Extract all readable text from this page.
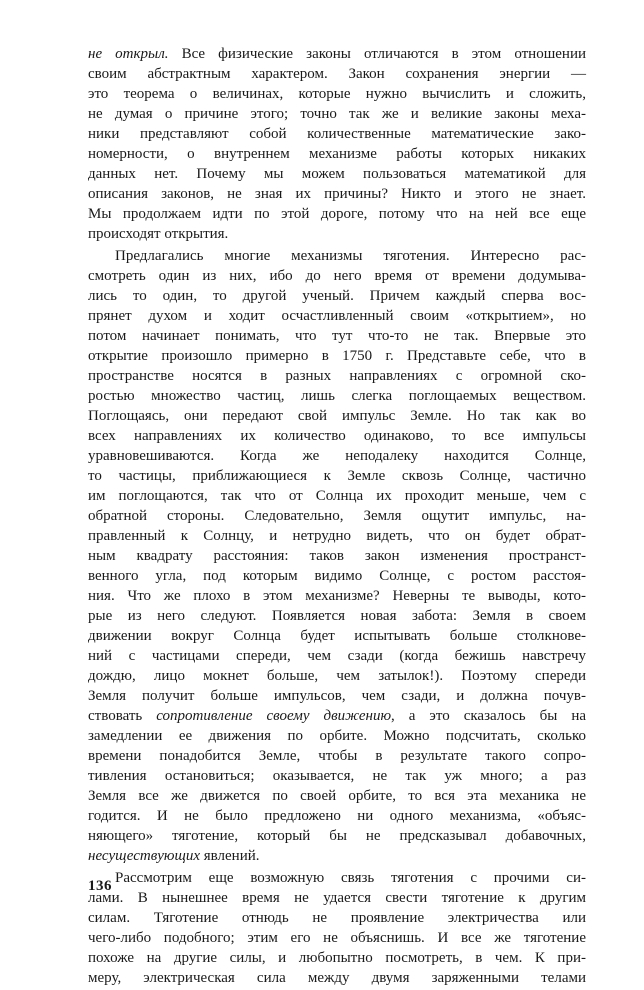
не открыл. Все физические законы отличаются в этом отношении
своим абстрактным характером. Закон сохранения энергии —
это теорема о величинах, которые нужно вычислить и сложить,
не думая о причине этого; точно так же и великие законы меха-
ники представляют собой количественные математические зако-
номерности, о внутреннем механизме работы которых никаких
данных нет. Почему мы можем пользоваться математикой для
описания законов, не зная их причины? Никто и этого не знает.
Мы продолжаем идти по этой дороге, потому что на ней все еще
происходят открытия.
Предлагались многие механизмы тяготения. Интересно рас-
смотреть один из них, ибо до него время от времени додумыва-
лись то один, то другой ученый. Причем каждый сперва вос-
прянет духом и ходит осчастливленный своим «открытием», но
потом начинает понимать, что тут что-то не так. Впервые это
открытие произошло примерно в 1750 г. Представьте себе, что в
пространстве носятся в разных направлениях с огромной ско-
ростью множество частиц, лишь слегка поглощаемых веществом.
Поглощаясь, они передают свой импульс Земле. Но так как во
всех направлениях их количество одинаково, то все импульсы
уравновешиваются. Когда же неподалеку находится Солнце,
то частицы, приближающиеся к Земле сквозь Солнце, частично
им поглощаются, так что от Солнца их проходит меньше, чем с
обратной стороны. Следовательно, Земля ощутит импульс, на-
правленный к Солнцу, и нетрудно видеть, что он будет обрат-
ным квадрату расстояния: таков закон изменения пространст-
венного угла, под которым видимо Солнце, с ростом расстоя-
ния. Что же плохо в этом механизме? Неверны те выводы, кото-
рые из него следуют. Появляется новая забота: Земля в своем
движении вокруг Солнца будет испытывать больше столкнове-
ний с частицами спереди, чем сзади (когда бежишь навстречу
дождю, лицо мокнет больше, чем затылок!). Поэтому спереди
Земля получит больше импульсов, чем сзади, и должна почув-
ствовать сопротивление своему движению, а это сказалось бы на
замедлении ее движения по орбите. Можно подсчитать, сколько
времени понадобится Земле, чтобы в результате такого сопро-
тивления остановиться; оказывается, не так уж много; а раз
Земля все же движется по своей орбите, то вся эта механика не
годится. И не было предложено ни одного механизма, «объяс-
няющего» тяготение, который бы не предсказывал добавочных,
несуществующих явлений.
Рассмотрим еще возможную связь тяготения с прочими си-
лами. В нынешнее время не удается свести тяготение к другим
силам. Тяготение отнюдь не проявление электричества или
чего-либо подобного; этим его не объяснишь. И все же тяготение
похоже на другие силы, и любопытно посмотреть, в чем. К при-
меру, электрическая сила между двумя заряженными телами
136
